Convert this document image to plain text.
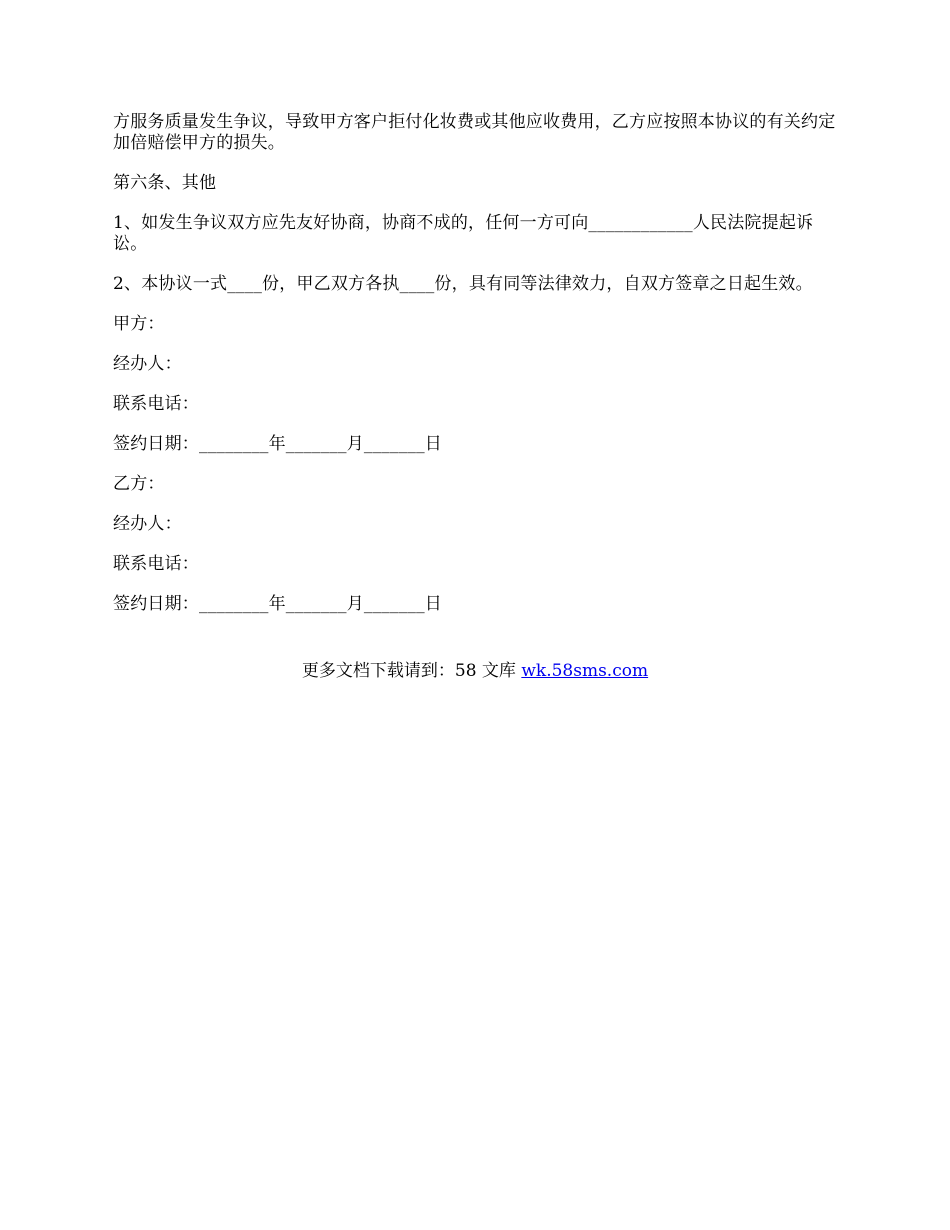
方服务质量发生争议，导致甲方客户拒付化妆费或其他应收费用，乙方应按照本协议的有关约定加倍赔偿甲方的损失。

第六条、其他

1、如发生争议双方应先友好协商，协商不成的，任何一方可向____________人民法院提起诉讼。

2、本协议一式____份，甲乙双方各执____份，具有同等法律效力，自双方签章之日起生效。

甲方：

经办人：

联系电话：

签约日期：________年_______月_______日

乙方：

经办人：

联系电话：

签约日期：________年_______月_______日

更多文档下载请到：58 文库 wk.58sms.com
